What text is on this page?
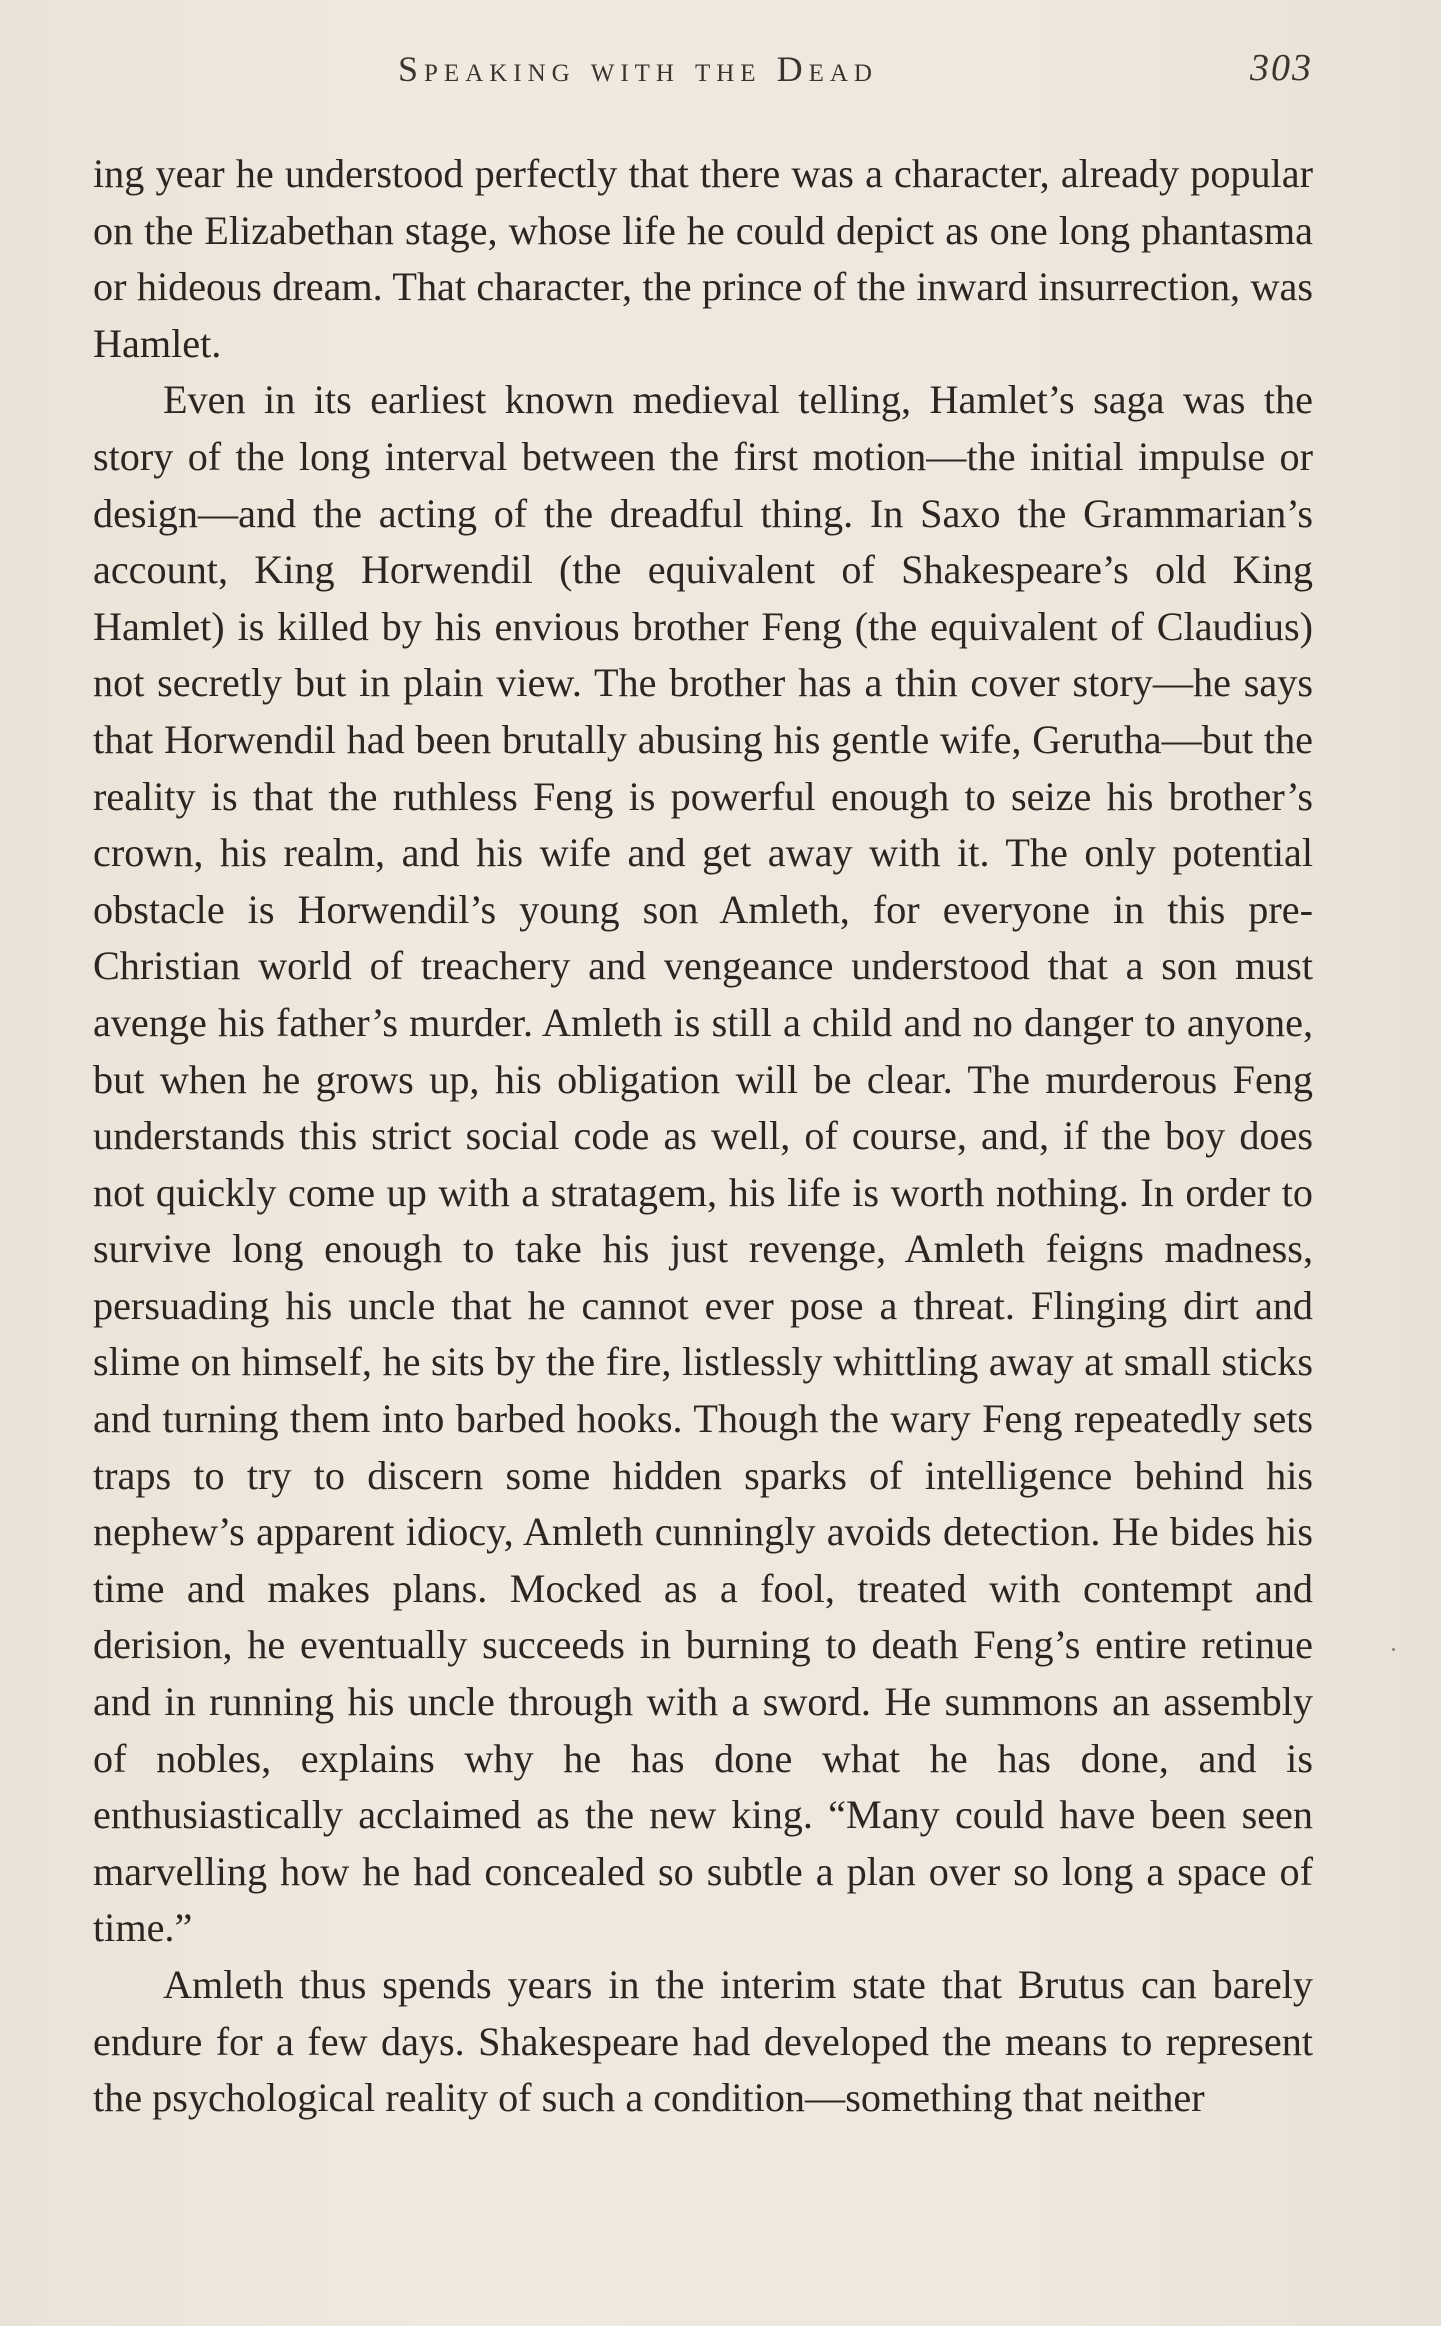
Speaking with the Dead	303

ing year he understood perfectly that there was a character, already popular on the Elizabethan stage, whose life he could depict as one long phantasma or hideous dream. That character, the prince of the inward insurrection, was Hamlet.

Even in its earliest known medieval telling, Hamlet’s saga was the story of the long interval between the first motion—the initial impulse or design—and the acting of the dreadful thing. In Saxo the Grammarian’s account, King Horwendil (the equivalent of Shakespeare’s old King Hamlet) is killed by his envious brother Feng (the equivalent of Claudius) not secretly but in plain view. The brother has a thin cover story—he says that Horwendil had been brutally abusing his gentle wife, Gerutha—but the reality is that the ruthless Feng is powerful enough to seize his brother’s crown, his realm, and his wife and get away with it. The only potential obstacle is Horwendil’s young son Amleth, for everyone in this pre-Christian world of treachery and vengeance understood that a son must avenge his father’s murder. Amleth is still a child and no danger to anyone, but when he grows up, his obligation will be clear. The murderous Feng understands this strict social code as well, of course, and, if the boy does not quickly come up with a stratagem, his life is worth nothing. In order to survive long enough to take his just revenge, Amleth feigns madness, persuading his uncle that he cannot ever pose a threat. Flinging dirt and slime on himself, he sits by the fire, listlessly whittling away at small sticks and turning them into barbed hooks. Though the wary Feng repeatedly sets traps to try to discern some hidden sparks of intelligence behind his nephew’s apparent idiocy, Amleth cunningly avoids detection. He bides his time and makes plans. Mocked as a fool, treated with contempt and derision, he eventually succeeds in burning to death Feng’s entire retinue and in running his uncle through with a sword. He summons an assembly of nobles, explains why he has done what he has done, and is enthusiastically acclaimed as the new king. “Many could have been seen marvelling how he had concealed so subtle a plan over so long a space of time.”

Amleth thus spends years in the interim state that Brutus can barely endure for a few days. Shakespeare had developed the means to represent the psychological reality of such a condition—something that neither
